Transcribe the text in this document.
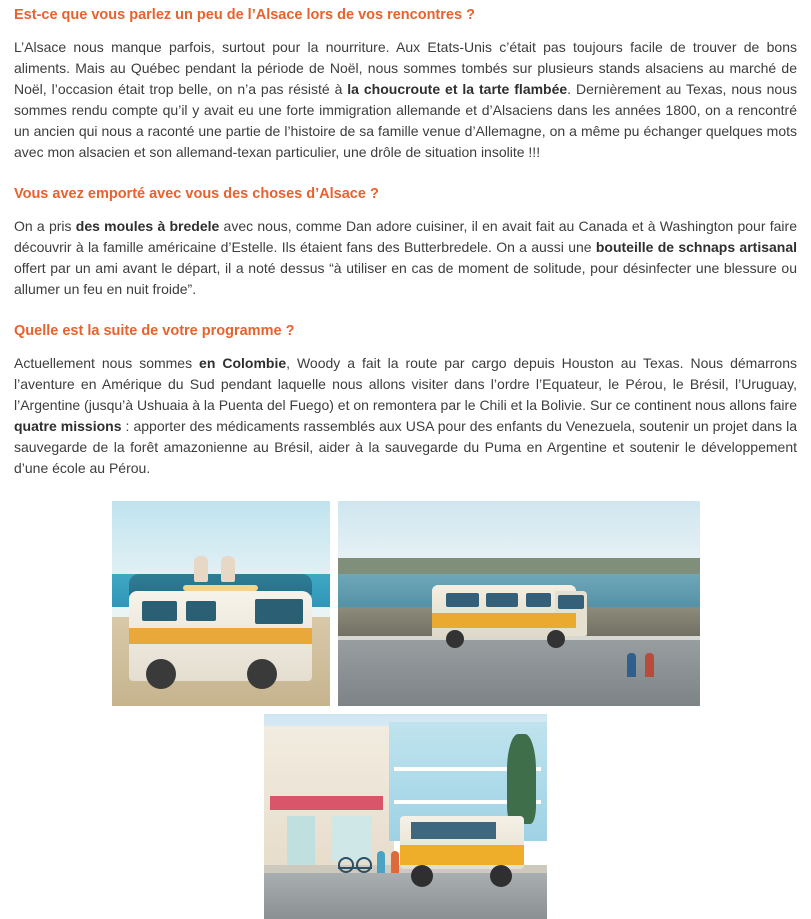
Est-ce que vous parlez un peu de l’Alsace lors de vos rencontres ?

L’Alsace nous manque parfois, surtout pour la nourriture. Aux Etats-Unis c’était pas toujours facile de trouver de bons aliments. Mais au Québec pendant la période de Noël, nous sommes tombés sur plusieurs stands alsaciens au marché de Noël, l’occasion était trop belle, on n’a pas résisté à la choucroute et la tarte flambée. Dernièrement au Texas, nous nous sommes rendu compte qu’il y avait eu une forte immigration allemande et d’Alsaciens dans les années 1800, on a rencontré un ancien qui nous a raconté une partie de l’histoire de sa famille venue d’Allemagne, on a même pu échanger quelques mots avec mon alsacien et son allemand-texan particulier, une drôle de situation insolite !!!

Vous avez emporté avec vous des choses d’Alsace ?

On a pris des moules à bredele avec nous, comme Dan adore cuisiner, il en avait fait au Canada et à Washington pour faire découvrir à la famille américaine d’Estelle. Ils étaient fans des Butterbredele. On a aussi une bouteille de schnaps artisanal offert par un ami avant le départ, il a noté dessus “à utiliser en cas de moment de solitude, pour désinfecter une blessure ou allumer un feu en nuit froide”.

Quelle est la suite de votre programme ?

Actuellement nous sommes en Colombie, Woody a fait la route par cargo depuis Houston au Texas. Nous démarrons l’aventure en Amérique du Sud pendant laquelle nous allons visiter dans l’ordre l’Equateur, le Pérou, le Brésil, l’Uruguay, l’Argentine (jusqu’à Ushuaia à la Puenta del Fuego) et on remontera par le Chili et la Bolivie. Sur ce continent nous allons faire quatre missions : apporter des médicaments rassemblés aux USA pour des enfants du Venezuela, soutenir un projet dans la sauvegarde de la forêt amazonienne au Brésil, aider à la sauvegarde du Puma en Argentine et soutenir le développement d’une école au Pérou.
